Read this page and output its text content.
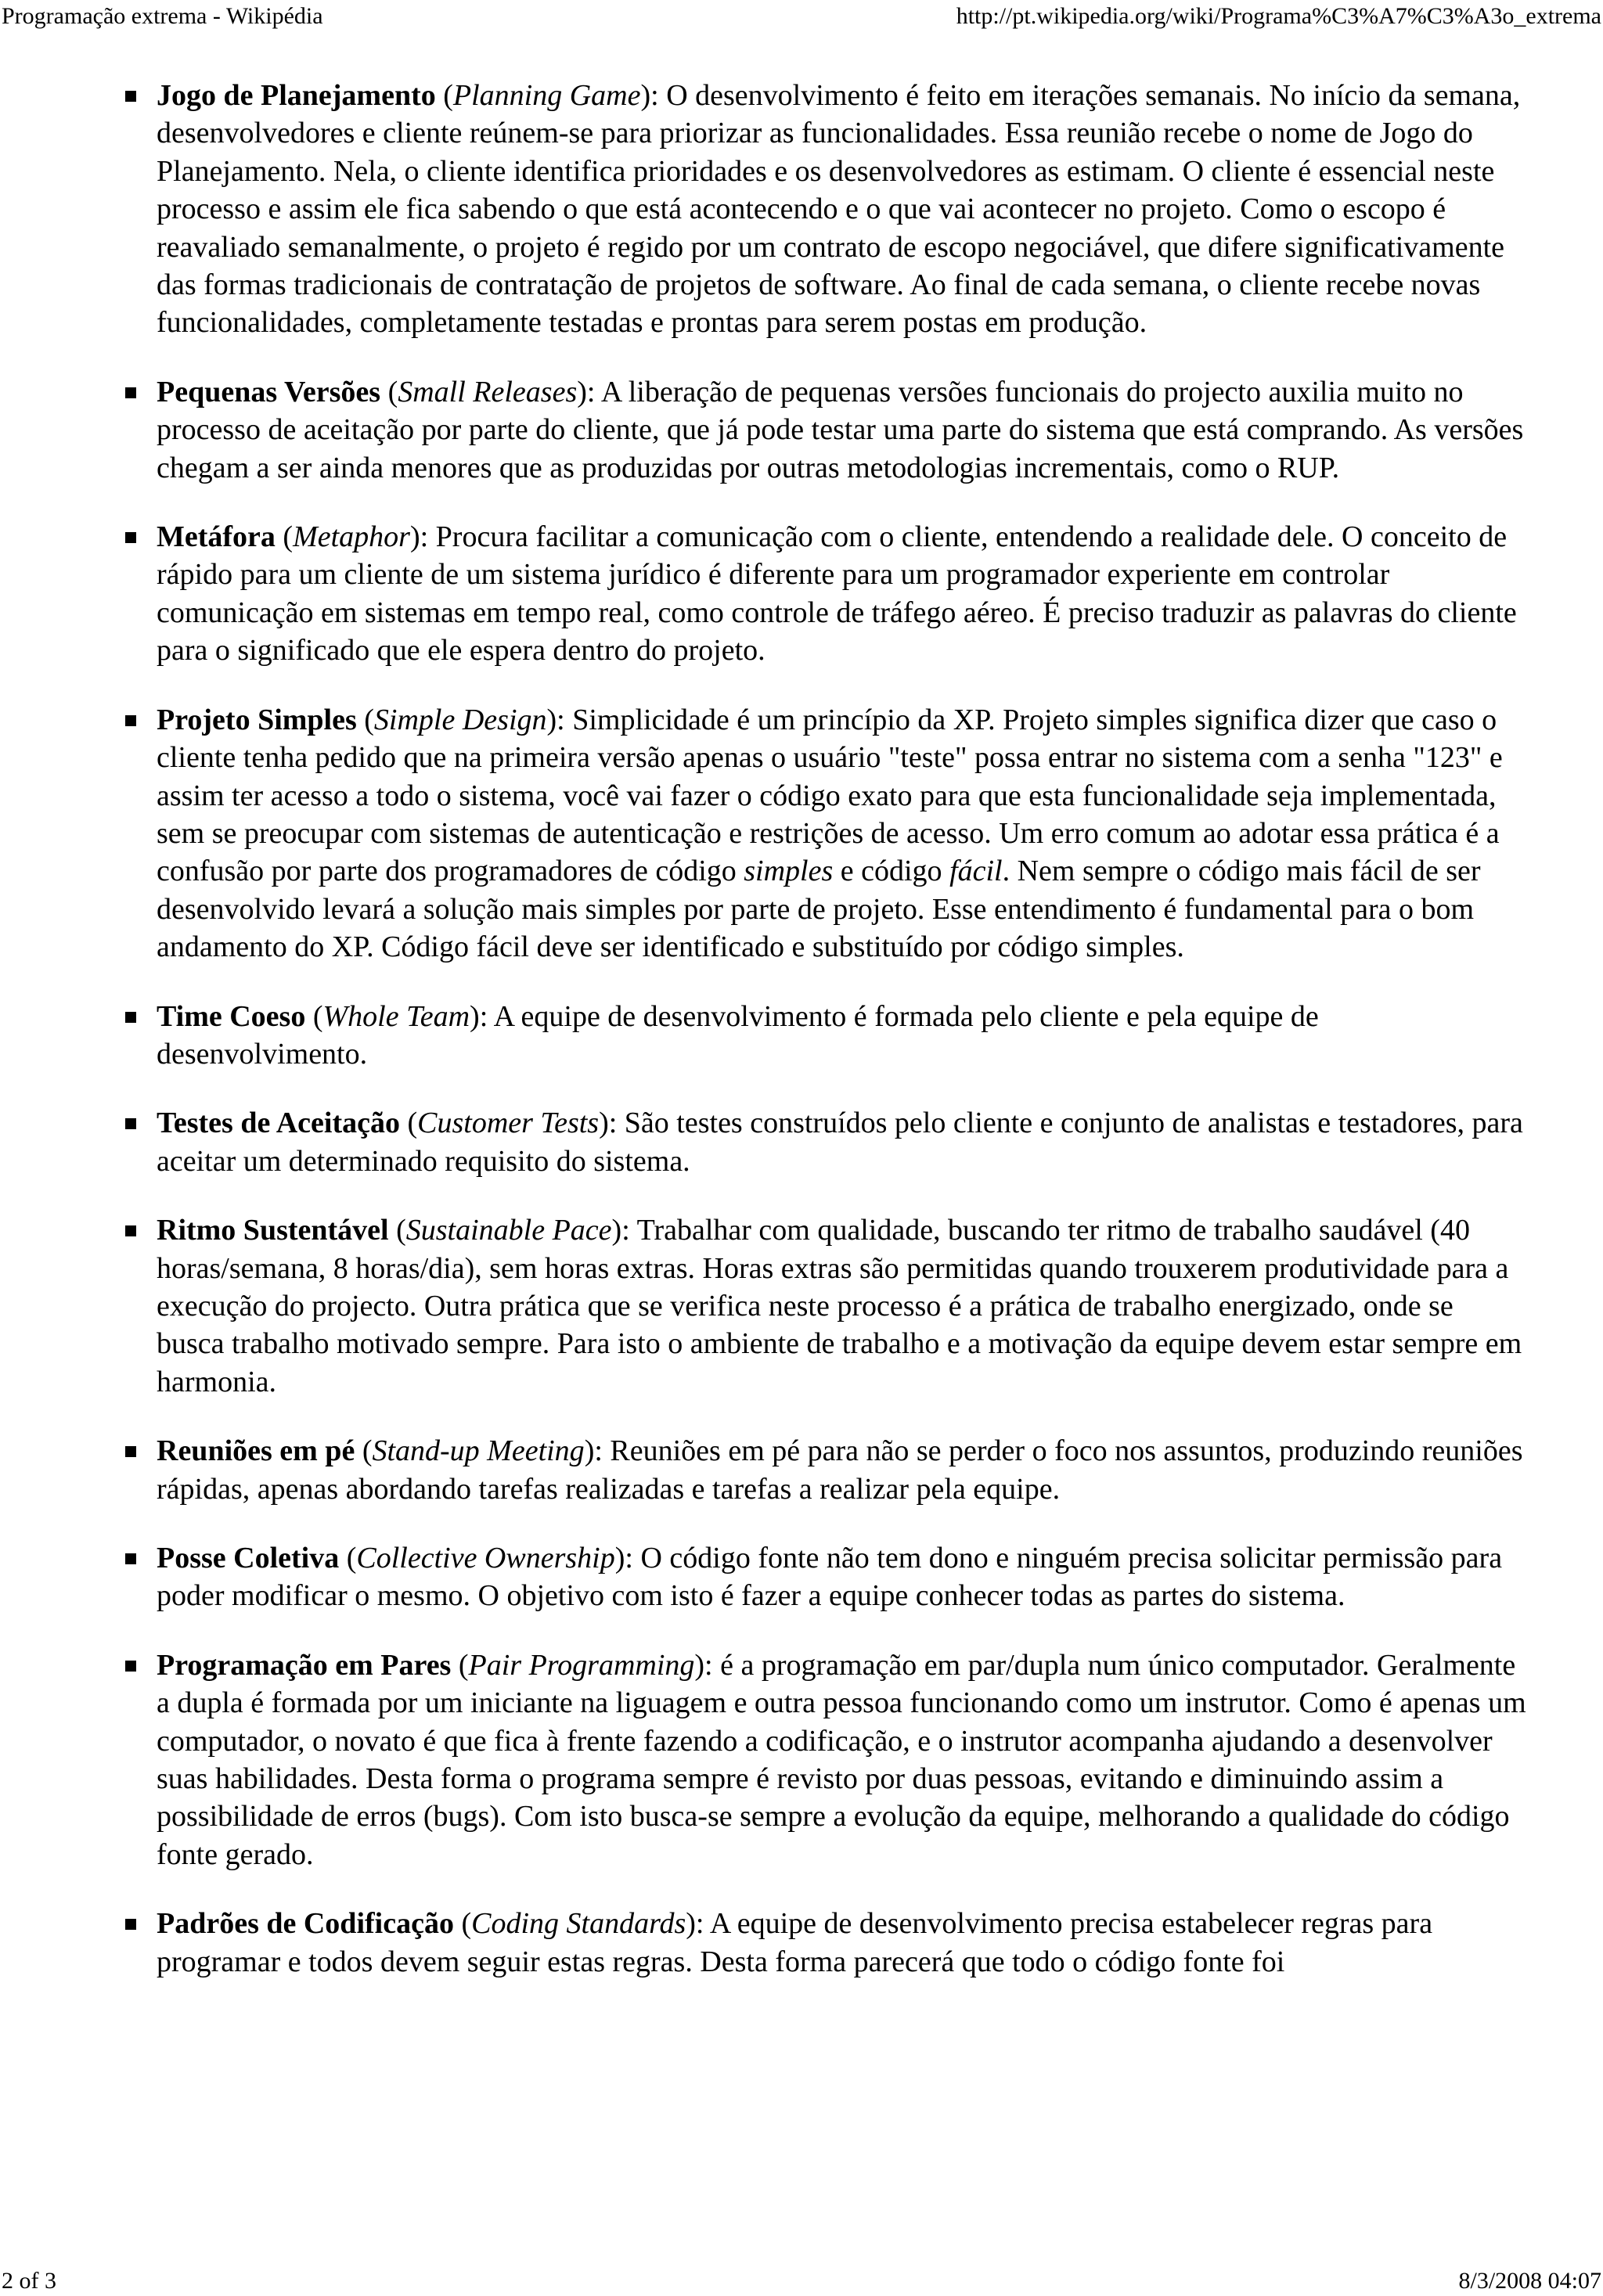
Programação extrema - Wikipédia	http://pt.wikipedia.org/wiki/Programa%C3%A7%C3%A3o_extrema
Jogo de Planejamento (Planning Game): O desenvolvimento é feito em iterações semanais. No início da semana, desenvolvedores e cliente reúnem-se para priorizar as funcionalidades. Essa reunião recebe o nome de Jogo do Planejamento. Nela, o cliente identifica prioridades e os desenvolvedores as estimam. O cliente é essencial neste processo e assim ele fica sabendo o que está acontecendo e o que vai acontecer no projeto. Como o escopo é reavaliado semanalmente, o projeto é regido por um contrato de escopo negociável, que difere significativamente das formas tradicionais de contratação de projetos de software. Ao final de cada semana, o cliente recebe novas funcionalidades, completamente testadas e prontas para serem postas em produção.
Pequenas Versões (Small Releases): A liberação de pequenas versões funcionais do projecto auxilia muito no processo de aceitação por parte do cliente, que já pode testar uma parte do sistema que está comprando. As versões chegam a ser ainda menores que as produzidas por outras metodologias incrementais, como o RUP.
Metáfora (Metaphor): Procura facilitar a comunicação com o cliente, entendendo a realidade dele. O conceito de rápido para um cliente de um sistema jurídico é diferente para um programador experiente em controlar comunicação em sistemas em tempo real, como controle de tráfego aéreo. É preciso traduzir as palavras do cliente para o significado que ele espera dentro do projeto.
Projeto Simples (Simple Design): Simplicidade é um princípio da XP. Projeto simples significa dizer que caso o cliente tenha pedido que na primeira versão apenas o usuário "teste" possa entrar no sistema com a senha "123" e assim ter acesso a todo o sistema, você vai fazer o código exato para que esta funcionalidade seja implementada, sem se preocupar com sistemas de autenticação e restrições de acesso. Um erro comum ao adotar essa prática é a confusão por parte dos programadores de código simples e código fácil. Nem sempre o código mais fácil de ser desenvolvido levará a solução mais simples por parte de projeto. Esse entendimento é fundamental para o bom andamento do XP. Código fácil deve ser identificado e substituído por código simples.
Time Coeso (Whole Team): A equipe de desenvolvimento é formada pelo cliente e pela equipe de desenvolvimento.
Testes de Aceitação (Customer Tests): São testes construídos pelo cliente e conjunto de analistas e testadores, para aceitar um determinado requisito do sistema.
Ritmo Sustentável (Sustainable Pace): Trabalhar com qualidade, buscando ter ritmo de trabalho saudável (40 horas/semana, 8 horas/dia), sem horas extras. Horas extras são permitidas quando trouxerem produtividade para a execução do projecto. Outra prática que se verifica neste processo é a prática de trabalho energizado, onde se busca trabalho motivado sempre. Para isto o ambiente de trabalho e a motivação da equipe devem estar sempre em harmonia.
Reuniões em pé (Stand-up Meeting): Reuniões em pé para não se perder o foco nos assuntos, produzindo reuniões rápidas, apenas abordando tarefas realizadas e tarefas a realizar pela equipe.
Posse Coletiva (Collective Ownership): O código fonte não tem dono e ninguém precisa solicitar permissão para poder modificar o mesmo. O objetivo com isto é fazer a equipe conhecer todas as partes do sistema.
Programação em Pares (Pair Programming): é a programação em par/dupla num único computador. Geralmente a dupla é formada por um iniciante na liguagem e outra pessoa funcionando como um instrutor. Como é apenas um computador, o novato é que fica à frente fazendo a codificação, e o instrutor acompanha ajudando a desenvolver suas habilidades. Desta forma o programa sempre é revisto por duas pessoas, evitando e diminuindo assim a possibilidade de erros (bugs). Com isto busca-se sempre a evolução da equipe, melhorando a qualidade do código fonte gerado.
Padrões de Codificação (Coding Standards): A equipe de desenvolvimento precisa estabelecer regras para programar e todos devem seguir estas regras. Desta forma parecerá que todo o código fonte foi
2 of 3	8/3/2008 04:07
